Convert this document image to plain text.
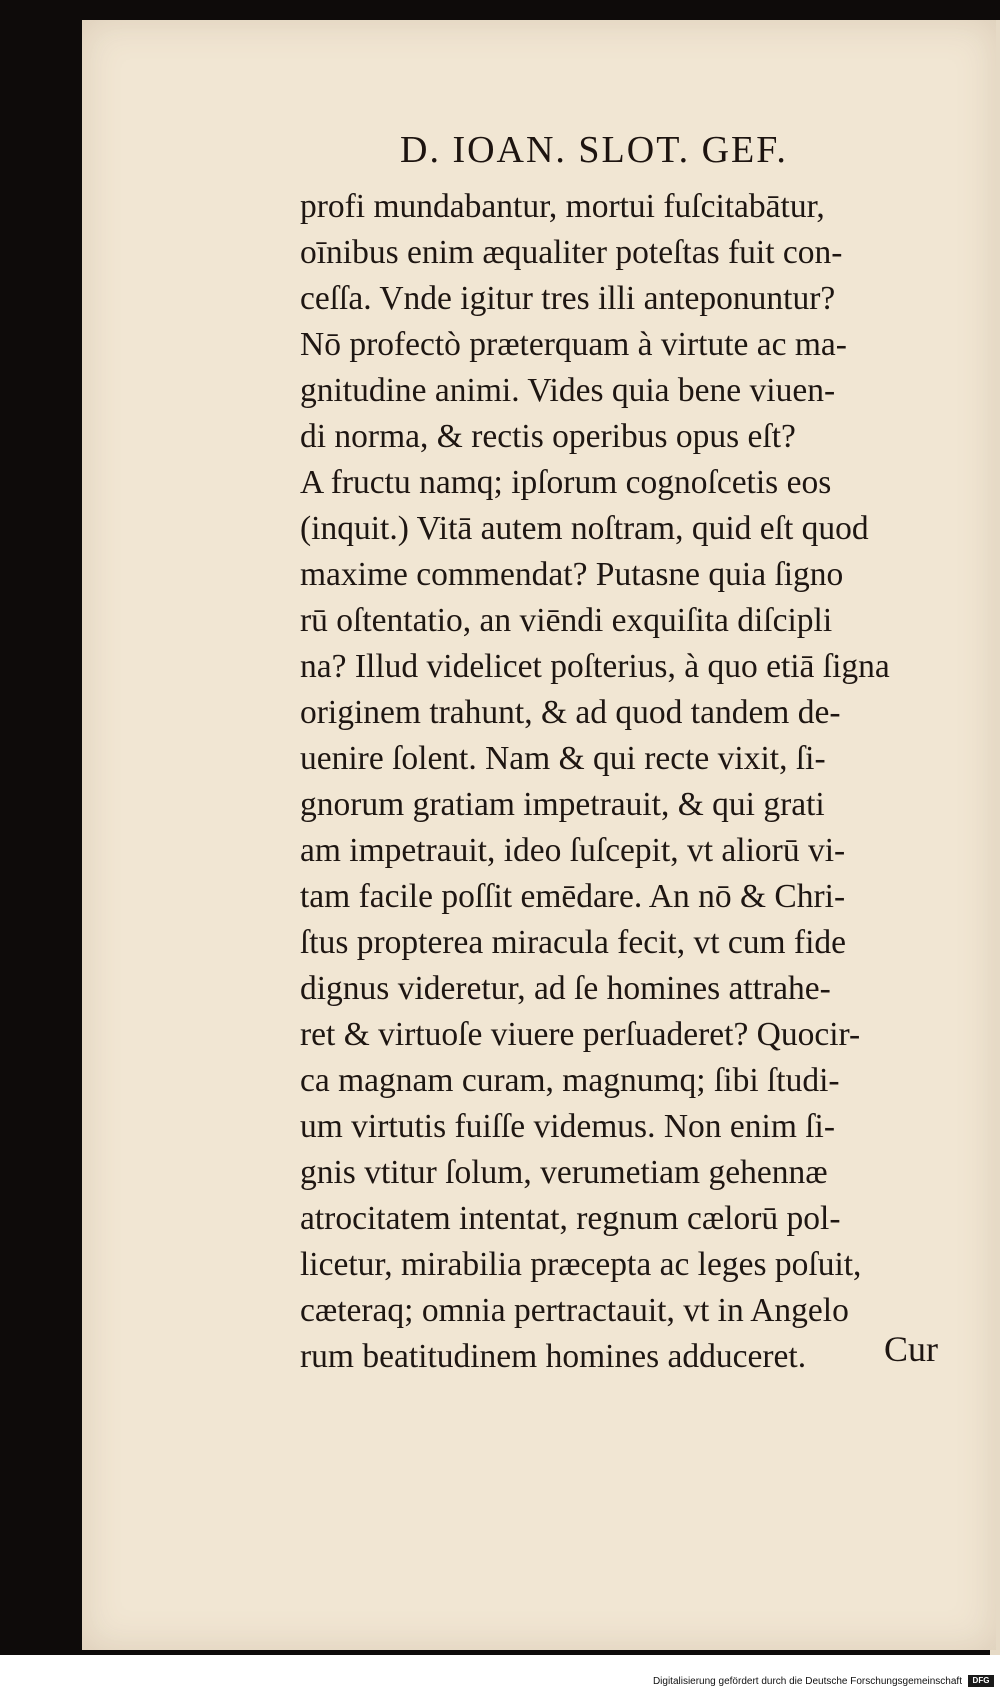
D. IOAN. SLOT. GEF.
profi mundabantur, mortui fuſcitabātur,
oīnibus enim æqualiter poteſtas fuit con-
ceſſa. Vnde igitur tres illi anteponuntur?
Nō profectò præterquam à virtute ac ma-
gnitudine animi. Vides quia bene viuen-
di norma, & rectis operibus opus eſt?
A fructu namq; ipſorum cognoſcetis eos
(inquit.) Vitā autem noſtram, quid eſt quod
maxime commendat? Putasne quia ſigno
rū oſtentatio, an viēndi exquiſita diſcipli
na? Illud videlicet poſterius, à quo etiā ſigna
originem trahunt, & ad quod tandem de-
uenire ſolent. Nam & qui recte vixit, ſi-
gnorum gratiam impetrauit, & qui grati
am impetrauit, ideo ſuſcepit, vt aliorū vi-
tam facile poſſit emēdare. An nō & Chri-
ſtus propterea miracula fecit, vt cum fide
dignus videretur, ad ſe homines attrahe-
ret & virtuoſe viuere perſuaderet? Quocir-
ca magnam curam, magnumq; ſibi ſtudi-
um virtutis fuiſſe videmus. Non enim ſi-
gnis vtitur ſolum, verumetiam gehennæ
atrocitatem intentat, regnum cælorū pol-
licetur, mirabilia præcepta ac leges poſuit,
cæteraq; omnia pertractauit, vt in Angelo
rum beatitudinem homines adduceret.	Cur
Digitalisierung gefördert durch die Deutsche Forschungsgemeinschaft	DFG
